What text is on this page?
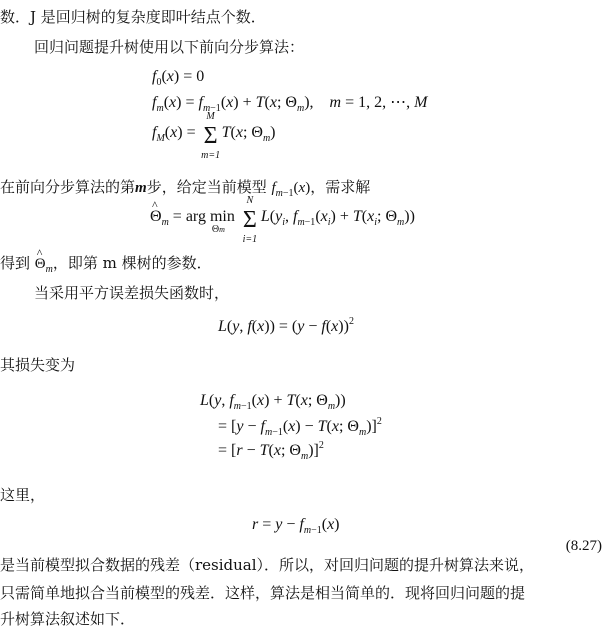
数．J 是回归树的复杂度即叶结点个数．
回归问题提升树使用以下前向分步算法：
$f_0(x) = 0$
$f_m(x) = f_{m-1}(x) + T(x$; $\Theta_m$),    m = 1, 2, ⋯, M
$f_M(x) = \Sigma$
M
m=1
T(x; $\Theta_m$)
在前向分步算法的第m步，给定当前模型 $f_{m-1}(x)$，需求解
^ $\Theta_m$ = arg min
Θm Σ
N
i=1
$L(y_i$, $f_{m-1}(x_i) + T(x_i$; $\Theta_m$))
得到 ^ $\Theta_m$，即第 m 棵树的参数．
当采用平方误差损失函数时，
L(y, $f(x)) = (y - f(x))^2$
其损失变为
L(y, $f_{m-1}(x) + T(x$; $\Theta_m$))
= [$y - f_{m-1}(x) - T(x$; $\Theta_m)]^2$
= [r − T(x; $\Theta_m)]^2$
这里，
$r = y - f_{m-1}(x)$
(8.27)
是当前模型拟合数据的残差（residual）．所以，对回归问题的提升树算法来说，
只需简单地拟合当前模型的残差．这样，算法是相当简单的．现将回归问题的提
升树算法叙述如下．
